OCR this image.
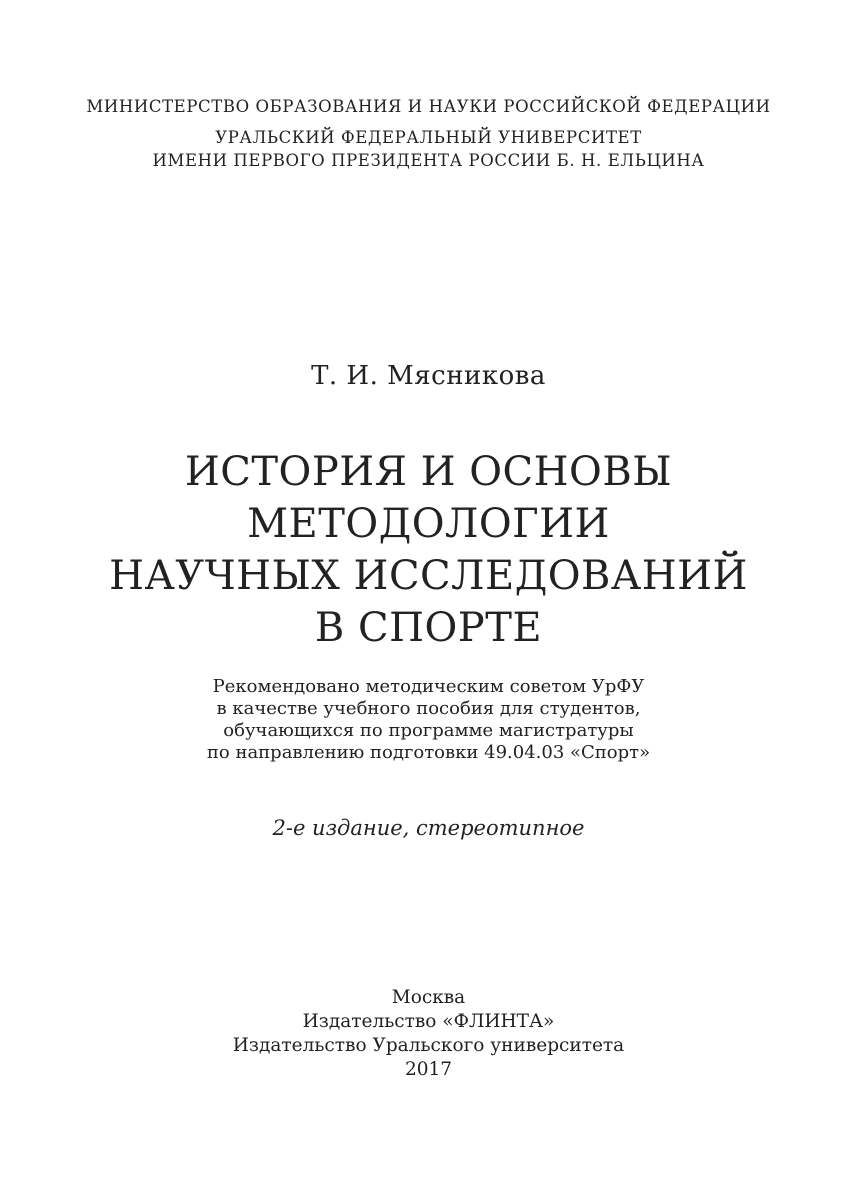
МИНИСТЕРСТВО ОБРАЗОВАНИЯ И НАУКИ РОССИЙСКОЙ ФЕДЕРАЦИИ
УРАЛЬСКИЙ ФЕДЕРАЛЬНЫЙ УНИВЕРСИТЕТ
ИМЕНИ ПЕРВОГО ПРЕЗИДЕНТА РОССИИ Б. Н. ЕЛЬЦИНА
Т. И. Мясникова
ИСТОРИЯ И ОСНОВЫ
МЕТОДОЛОГИИ
НАУЧНЫХ ИССЛЕДОВАНИЙ
В СПОРТЕ
Рекомендовано методическим советом УрФУ
в качестве учебного пособия для студентов,
обучающихся по программе магистратуры
по направлению подготовки 49.04.03 «Спорт»
2-е издание, стереотипное
Москва
Издательство «ФЛИНТА»
Издательство Уральского университета
2017
